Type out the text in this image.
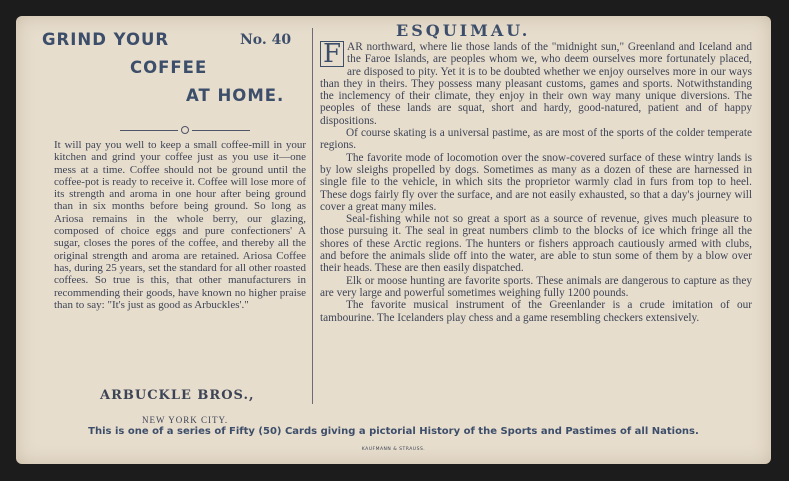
GRIND YOUR	No. 40
COFFEE
AT HOME.
It will pay you well to keep a small coffee-mill in your kitchen and grind your coffee just as you use it—one mess at a time. Coffee should not be ground until the coffee-pot is ready to receive it. Coffee will lose more of its strength and aroma in one hour after being ground than in six months before being ground. So long as Ariosa remains in the whole berry, our glazing, composed of choice eggs and pure confectioners' A sugar, closes the pores of the coffee, and thereby all the original strength and aroma are retained. Ariosa Coffee has, during 25 years, set the standard for all other roasted coffees. So true is this, that other manufacturers in recommending their goods, have known no higher praise than to say: "It's just as good as Arbuckles'."
ARBUCKLE BROS.,
NEW YORK CITY.
ESQUIMAU.

F AR northward, where lie those lands of the "midnight sun," Greenland and Iceland and the Faroe Islands, are peoples whom we, who deem ourselves more fortunately placed, are disposed to pity. Yet it is to be doubted whether we enjoy ourselves more in our ways than they in theirs. They possess many pleasant customs, games and sports. Notwithstanding the inclemency of their climate, they enjoy in their own way many unique diversions. The peoples of these lands are squat, short and hardy, good-natured, patient and of happy dispositions.

Of course skating is a universal pastime, as are most of the sports of the colder temperate regions.

The favorite mode of locomotion over the snow-covered surface of these wintry lands is by low sleighs propelled by dogs. Sometimes as many as a dozen of these are harnessed in single file to the vehicle, in which sits the proprietor warmly clad in furs from top to heel. These dogs fairly fly over the surface, and are not easily exhausted, so that a day's journey will cover a great many miles.

Seal-fishing while not so great a sport as a source of revenue, gives much pleasure to those pursuing it. The seal in great numbers climb to the blocks of ice which fringe all the shores of these Arctic regions. The hunters or fishers approach cautiously armed with clubs, and before the animals slide off into the water, are able to stun some of them by a blow over their heads. These are then easily dispatched.

Elk or moose hunting are favorite sports. These animals are dangerous to capture as they are very large and powerful sometimes weighing fully 1200 pounds.

The favorite musical instrument of the Greenlander is a crude imitation of our tambourine. The Icelanders play chess and a game resembling checkers extensively.

This is one of a series of Fifty (50) Cards giving a pictorial History of the Sports and Pastimes of all Nations.
KAUFMANN & STRAUSS.
